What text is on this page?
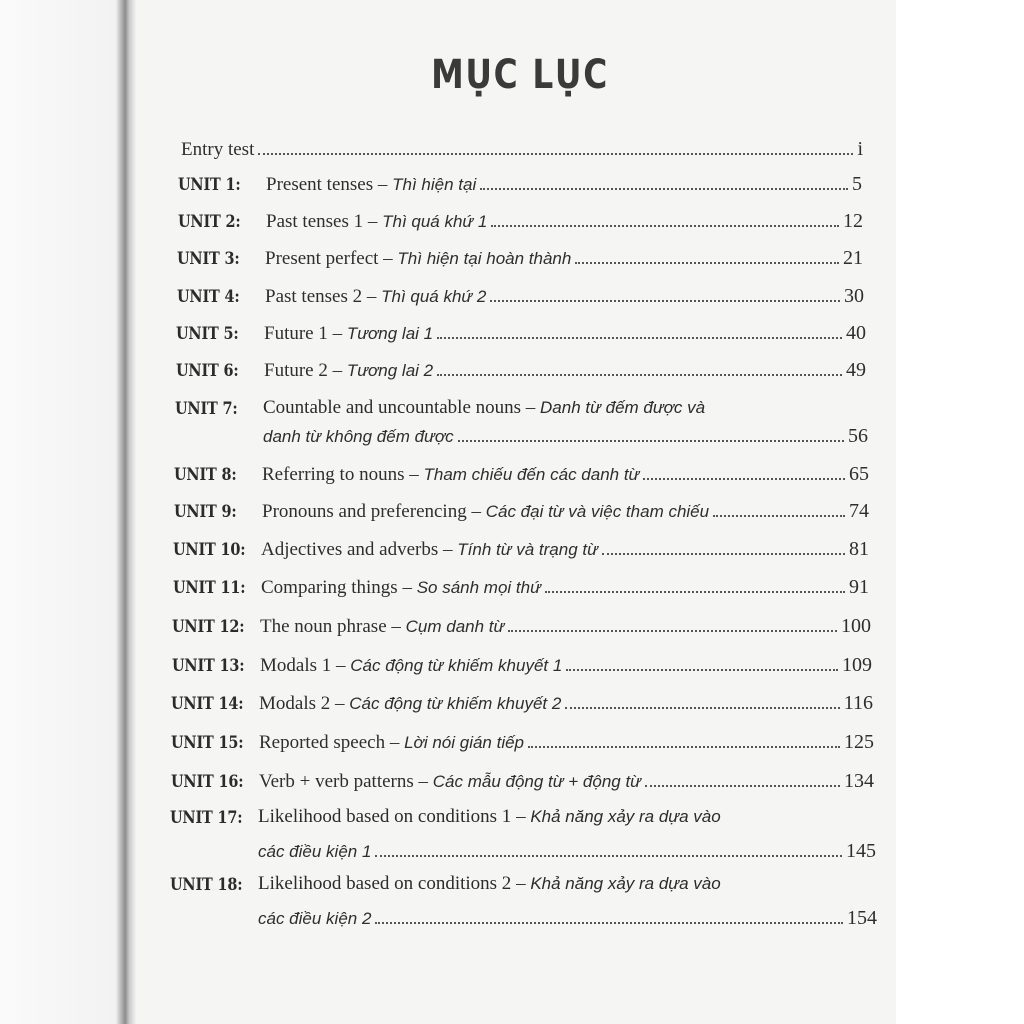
MỤC LỤC
Entry test	i
UNIT 1: Present tenses – Thì hiện tại	5
UNIT 2: Past tenses 1 – Thì quá khứ 1	12
UNIT 3: Present perfect – Thì hiện tại hoàn thành	21
UNIT 4: Past tenses 2 – Thì quá khứ 2	30
UNIT 5: Future 1 – Tương lai 1	40
UNIT 6: Future 2 – Tương lai 2	49
UNIT 7: Countable and uncountable nouns – Danh từ đếm được và
danh từ không đếm được	56
UNIT 8: Referring to nouns – Tham chiếu đến các danh từ	65
UNIT 9: Pronouns and preferencing – Các đại từ và việc tham chiếu	74
UNIT 10: Adjectives and adverbs – Tính từ và trạng từ	81
UNIT 11: Comparing things – So sánh mọi thứ	91
UNIT 12: The noun phrase – Cụm danh từ	100
UNIT 13: Modals 1 – Các động từ khiếm khuyết 1	109
UNIT 14: Modals 2 – Các động từ khiếm khuyết 2	116
UNIT 15: Reported speech – Lời nói gián tiếp	125
UNIT 16: Verb + verb patterns – Các mẫu động từ + động từ	134
UNIT 17: Likelihood based on conditions 1 – Khả năng xảy ra dựa vào
các điều kiện 1	145
UNIT 18: Likelihood based on conditions 2 – Khả năng xảy ra dựa vào
các điều kiện 2	154
